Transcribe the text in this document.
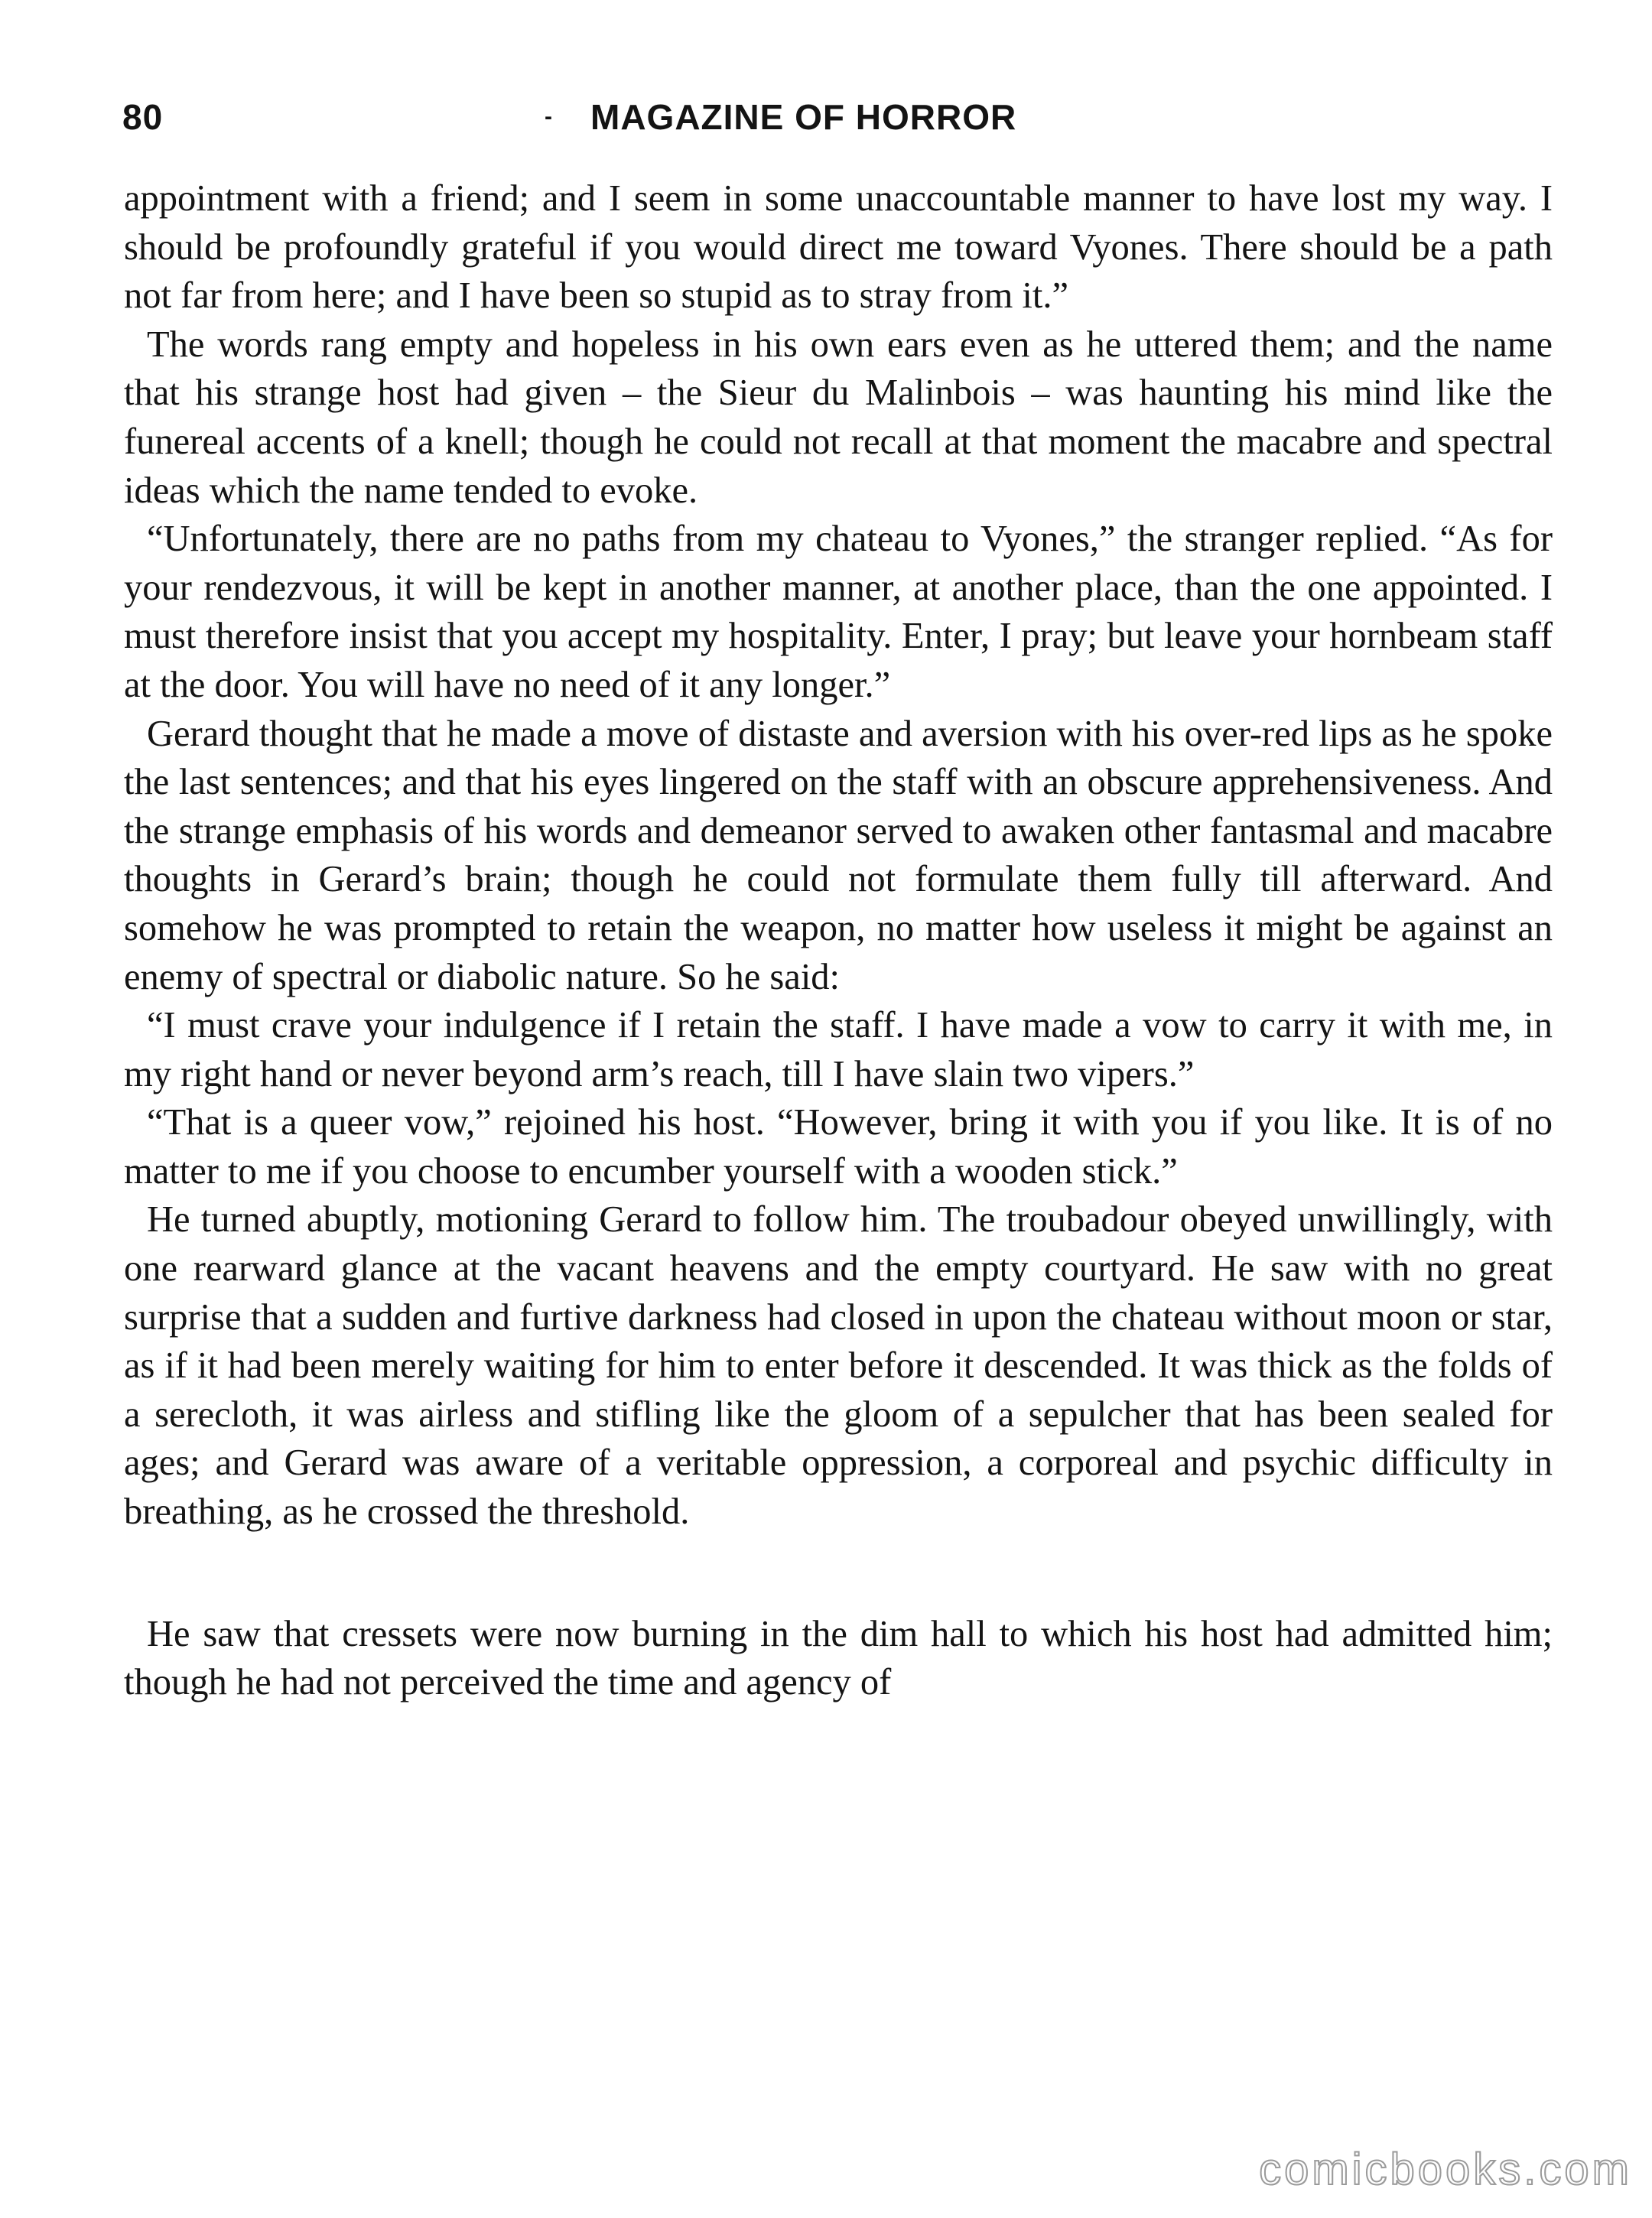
80	- MAGAZINE OF HORROR

appointment with a friend; and I seem in some unaccountable manner to have lost my way. I should be profoundly grateful if you would direct me toward Vyones. There should be a path not far from here; and I have been so stupid as to stray from it.”

The words rang empty and hopeless in his own ears even as he uttered them; and the name that his strange host had given – the Sieur du Malinbois – was haunting his mind like the funereal accents of a knell; though he could not recall at that moment the macabre and spectral ideas which the name tended to evoke.

“Unfortunately, there are no paths from my chateau to Vyones,” the stranger replied. “As for your rendezvous, it will be kept in another manner, at another place, than the one appointed. I must therefore insist that you accept my hospitality. Enter, I pray; but leave your hornbeam staff at the door. You will have no need of it any longer.”

Gerard thought that he made a move of distaste and aversion with his over-red lips as he spoke the last sentences; and that his eyes lingered on the staff with an obscure apprehensiveness. And the strange emphasis of his words and demeanor served to awaken other fantasmal and macabre thoughts in Gerard’s brain; though he could not formulate them fully till afterward. And somehow he was prompted to retain the weapon, no matter how useless it might be against an enemy of spectral or diabolic nature. So he said:

“I must crave your indulgence if I retain the staff. I have made a vow to carry it with me, in my right hand or never beyond arm’s reach, till I have slain two vipers.”

“That is a queer vow,” rejoined his host. “However, bring it with you if you like. It is of no matter to me if you choose to encumber yourself with a wooden stick.”

He turned abuptly, motioning Gerard to follow him. The troubadour obeyed unwillingly, with one rearward glance at the vacant heavens and the empty courtyard. He saw with no great surprise that a sudden and furtive darkness had closed in upon the chateau without moon or star, as if it had been merely waiting for him to enter before it descended. It was thick as the folds of a serecloth, it was airless and stifling like the gloom of a sepulcher that has been sealed for ages; and Gerard was aware of a veritable oppression, a corporeal and psychic difficulty in breathing, as he crossed the threshold.

He saw that cressets were now burning in the dim hall to which his host had admitted him; though he had not perceived the time and agency of

comicbooks.com
